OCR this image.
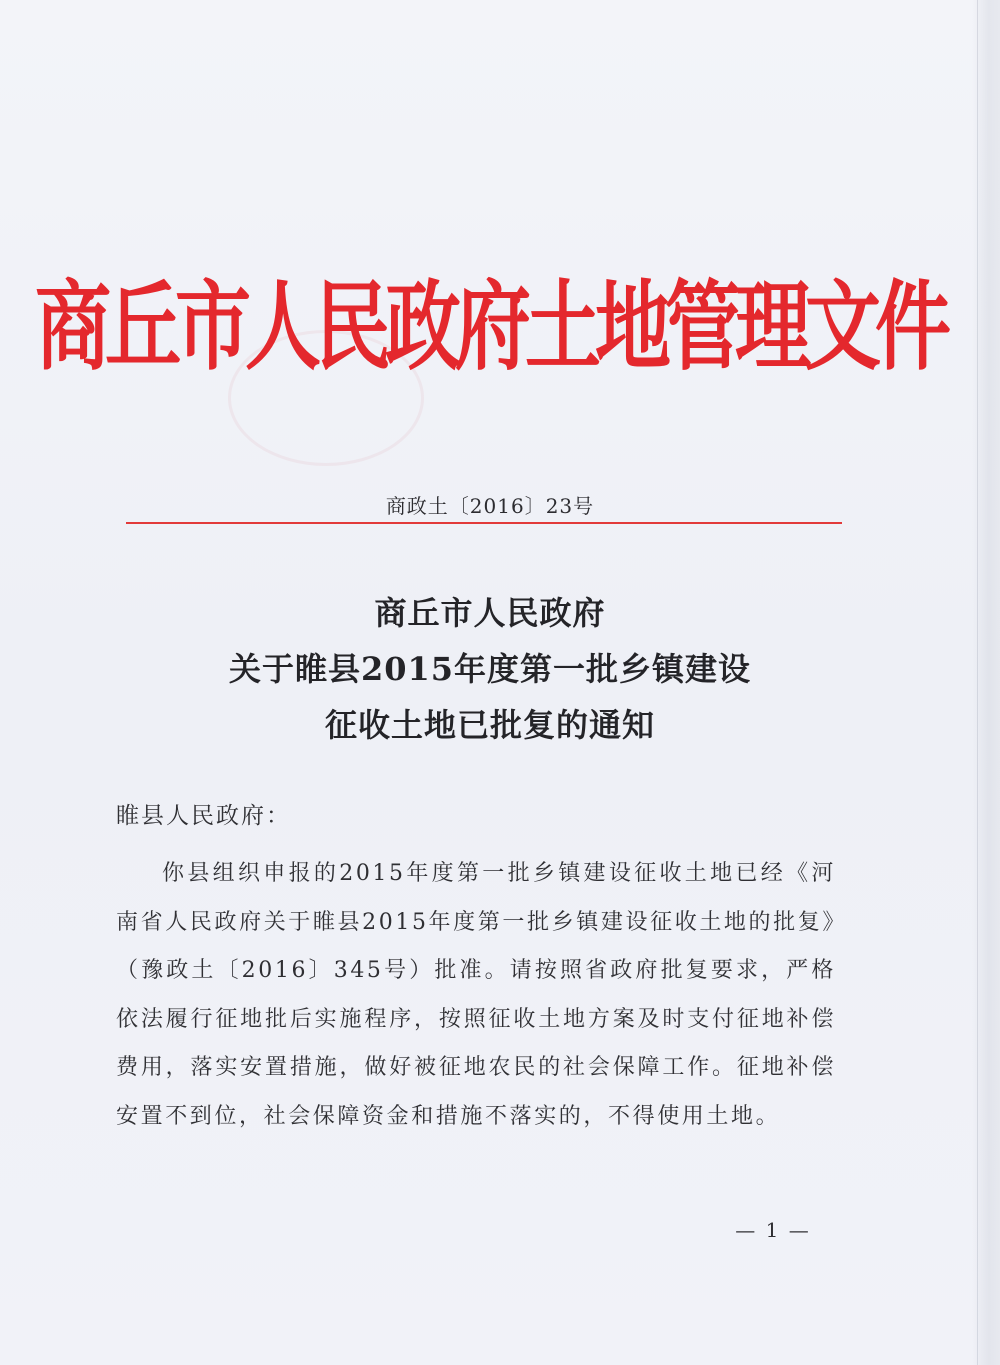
商丘市人民政府土地管理文件
商政土〔2016〕23号
商丘市人民政府
关于睢县2015年度第一批乡镇建设
征收土地已批复的通知
睢县人民政府：

你县组织申报的2015年度第一批乡镇建设征收土地已经《河南省人民政府关于睢县2015年度第一批乡镇建设征收土地的批复》（豫政土〔2016〕345号）批准。请按照省政府批复要求，严格依法履行征地批后实施程序，按照征收土地方案及时支付征地补偿费用，落实安置措施，做好被征地农民的社会保障工作。征地补偿安置不到位，社会保障资金和措施不落实的，不得使用土地。

— 1 —
